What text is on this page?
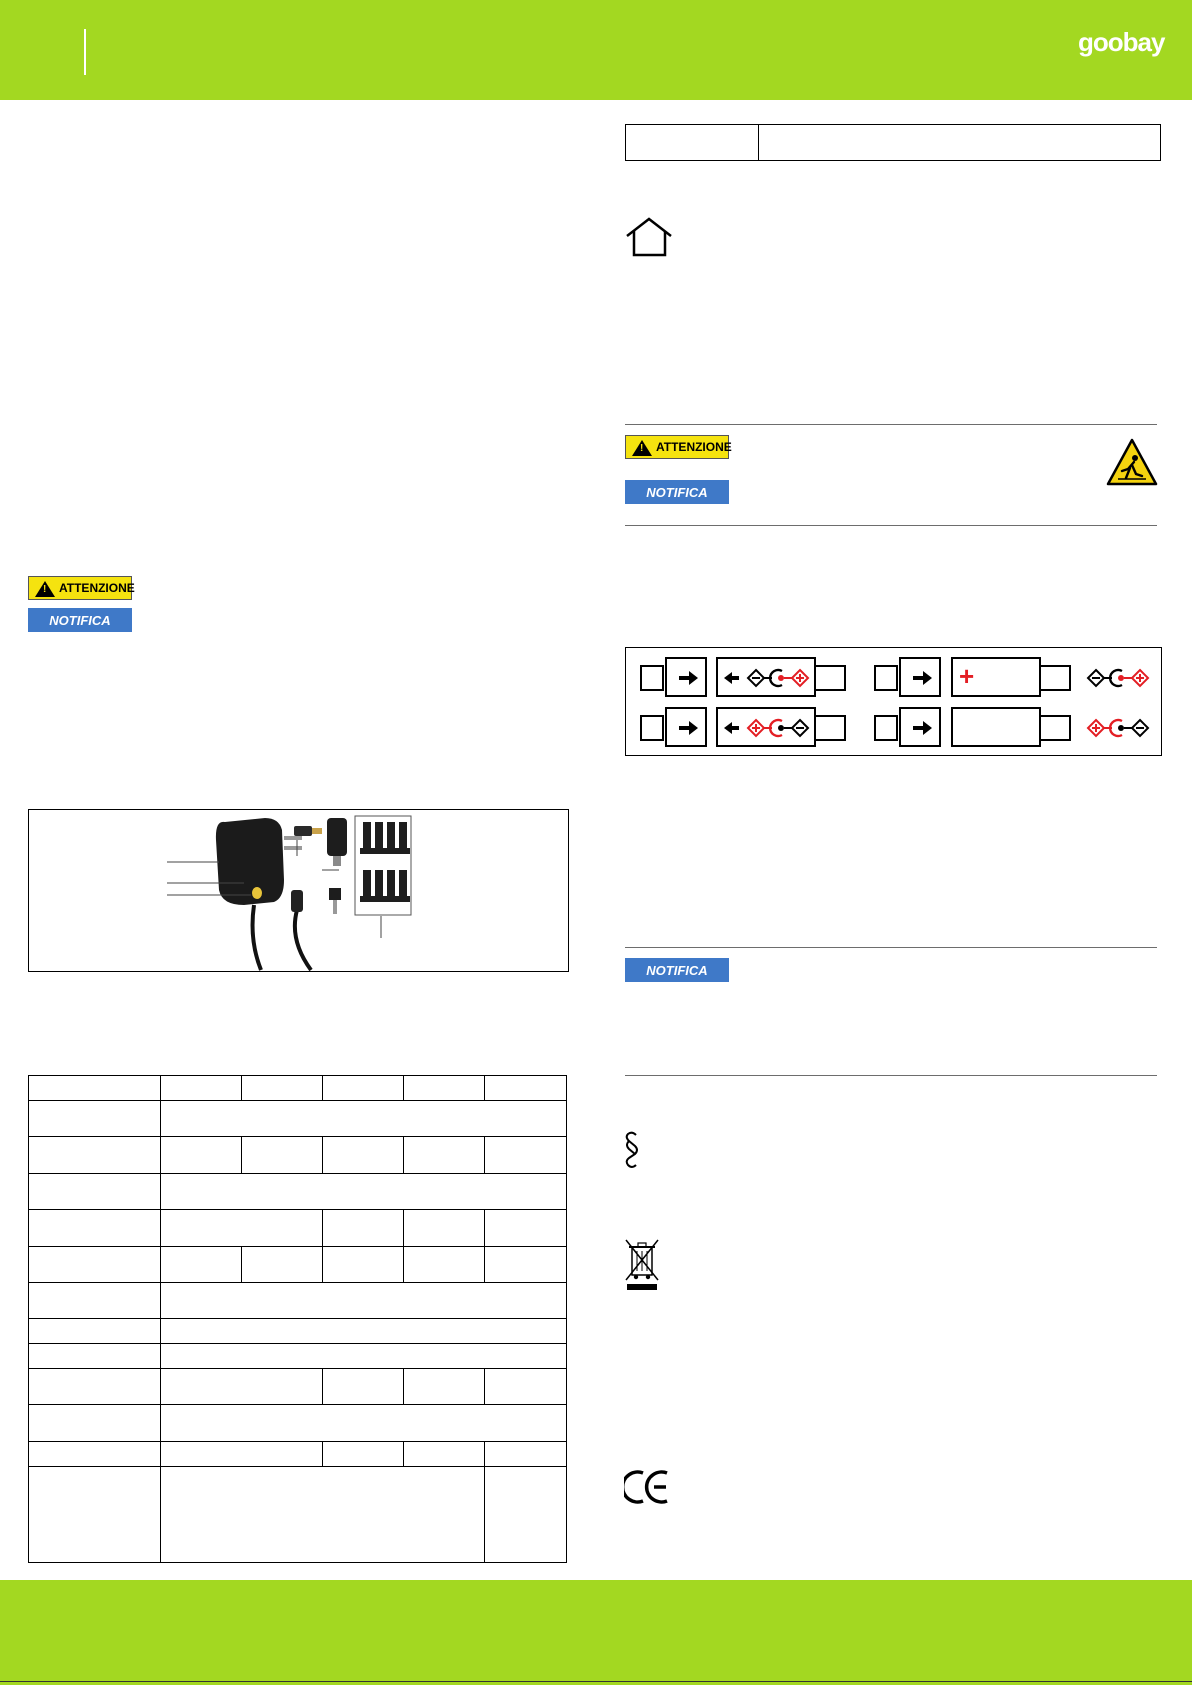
goobay
!
ATTENZIONE
NOTIFICA

!
ATTENZIONE
NOTIFICA
+
NOTIFICA
